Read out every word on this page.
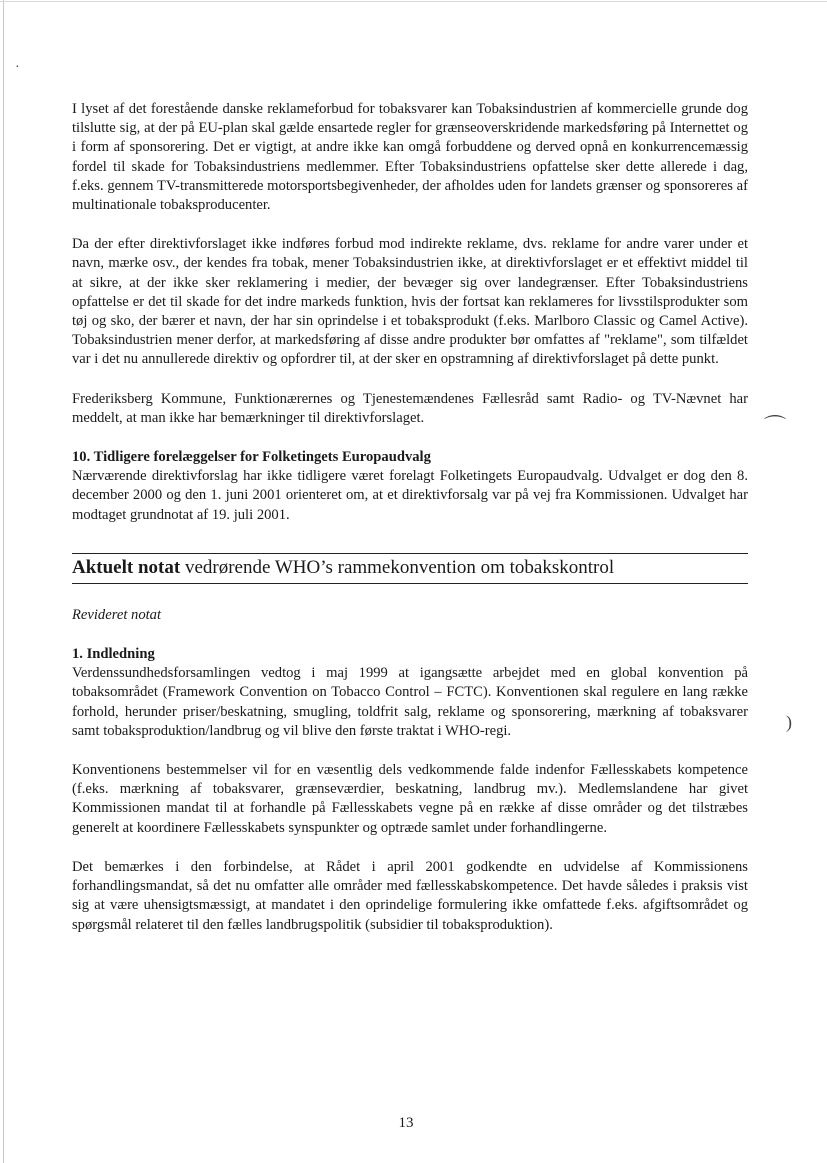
·
⌒
)

I lyset af det forestående danske reklameforbud for tobaksvarer kan Tobaksindustrien af kommercielle grunde dog tilslutte sig, at der på EU-plan skal gælde ensartede regler for grænseoverskridende markedsføring på Internettet og i form af sponsorering. Det er vigtigt, at andre ikke kan omgå forbuddene og derved opnå en konkurrencemæssig fordel til skade for Tobaksindustriens medlemmer. Efter Tobaksindustriens opfattelse sker dette allerede i dag, f.eks. gennem TV-transmitterede motorsportsbegivenheder, der afholdes uden for landets grænser og sponsoreres af multinationale tobaksproducenter.

Da der efter direktivforslaget ikke indføres forbud mod indirekte reklame, dvs. reklame for andre varer under et navn, mærke osv., der kendes fra tobak, mener Tobaksindustrien ikke, at direktivforslaget er et effektivt middel til at sikre, at der ikke sker reklamering i medier, der bevæger sig over landegrænser. Efter Tobaksindustriens opfattelse er det til skade for det indre markeds funktion, hvis der fortsat kan reklameres for livsstilsprodukter som tøj og sko, der bærer et navn, der har sin oprindelse i et tobaksprodukt (f.eks. Marlboro Classic og Camel Active). Tobaksindustrien mener derfor, at markedsføring af disse andre produkter bør omfattes af "reklame", som tilfældet var i det nu annullerede direktiv og opfordrer til, at der sker en opstramning af direktivforslaget på dette punkt.

Frederiksberg Kommune, Funktionærernes og Tjenestemændenes Fællesråd samt Radio- og TV-Nævnet har meddelt, at man ikke har bemærkninger til direktivforslaget.

10. Tidligere forelæggelser for Folketingets Europaudvalg

Nærværende direktivforslag har ikke tidligere været forelagt Folketingets Europaudvalg. Udvalget er dog den 8. december 2000 og den 1. juni 2001 orienteret om, at et direktivforsalg var på vej fra Kommissionen. Udvalget har modtaget grundnotat af 19. juli 2001.

Aktuelt notat vedrørende WHO’s rammekonvention om tobakskontrol
Revideret notat
1. Indledning

Verdenssundhedsforsamlingen vedtog i maj 1999 at igangsætte arbejdet med en global konvention på tobaksområdet (Framework Convention on Tobacco Control – FCTC). Konventionen skal regulere en lang række forhold, herunder priser/beskatning, smugling, toldfrit salg, reklame og sponsorering, mærkning af tobaksvarer samt tobaksproduktion/landbrug og vil blive den første traktat i WHO-regi.

Konventionens bestemmelser vil for en væsentlig dels vedkommende falde indenfor Fællesskabets kompetence (f.eks. mærkning af tobaksvarer, grænseværdier, beskatning, landbrug mv.). Medlemslandene har givet Kommissionen mandat til at forhandle på Fællesskabets vegne på en række af disse områder og det tilstræbes generelt at koordinere Fællesskabets synspunkter og optræde samlet under forhandlingerne.

Det bemærkes i den forbindelse, at Rådet i april 2001 godkendte en udvidelse af Kommissionens forhandlingsmandat, så det nu omfatter alle områder med fællesskabskompetence. Det havde således i praksis vist sig at være uhensigtsmæssigt, at mandatet i den oprindelige formulering ikke omfattede f.eks. afgiftsområdet og spørgsmål relateret til den fælles landbrugspolitik (subsidier til tobaksproduktion).

13
